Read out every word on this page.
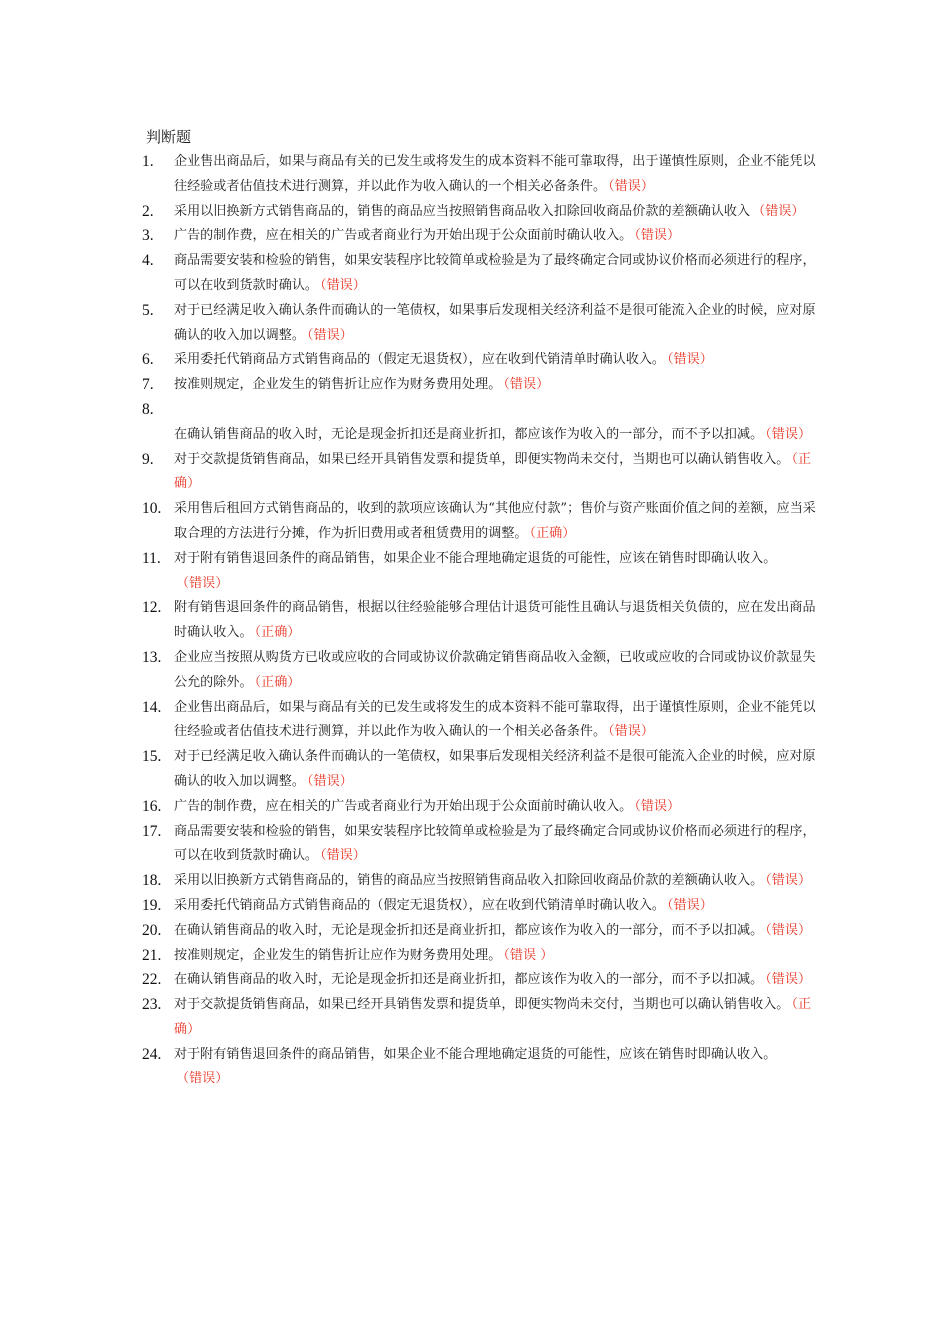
判断题
1.	企业售出商品后，如果与商品有关的已发生或将发生的成本资料不能可靠取得，出于谨慎性原则，企业不能凭以往经验或者估值技术进行测算，并以此作为收入确认的一个相关必备条件。 （错误）
2.	采用以旧换新方式销售商品的，销售的商品应当按照销售商品收入扣除回收商品价款的差额确认收入 （错误）
3.	广告的制作费，应在相关的广告或者商业行为开始出现于公众面前时确认收入。 （错误）
4.	商品需要安装和检验的销售，如果安装程序比较简单或检验是为了最终确定合同或协议价格而必须进行的程序，可以在收到货款时确认。 （错误）
5.	对于已经满足收入确认条件而确认的一笔债权，如果事后发现相关经济利益不是很可能流入企业的时候，应对原确认的收入加以调整。 （错误）
6.	采用委托代销商品方式销售商品的（假定无退货权），应在收到代销清单时确认收入。 （错误）
7.	按准则规定，企业发生的销售折让应作为财务费用处理。 （错误）
8.

在确认销售商品的收入时，无论是现金折扣还是商业折扣，都应该作为收入的一部分，而不予以扣减。 （错误）
9.	对于交款提货销售商品，如果已经开具销售发票和提货单，即便实物尚未交付，当期也可以确认销售收入。 （正确）
10. 采用售后租回方式销售商品的，收到的款项应该确认为“其他应付款”；售价与资产账面价值之间的差额，应当采取合理的方法进行分摊，作为折旧费用或者租赁费用的调整。 （正确）
11.	对于附有销售退回条件的商品销售，如果企业不能合理地确定退货的可能性，应该在销售时即确认收入。（错误）
12. 附有销售退回条件的商品销售，根据以往经验能够合理估计退货可能性且确认与退货相关负债的，应在发出商品时确认收入。 （正确）
13. 企业应当按照从购货方已收或应收的合同或协议价款确定销售商品收入金额，已收或应收的合同或协议价款显失公允的除外。 （正确）
14. 企业售出商品后，如果与商品有关的已发生或将发生的成本资料不能可靠取得，出于谨慎性原则，企业不能凭以往经验或者估值技术进行测算，并以此作为收入确认的一个相关必备条件。 （错误）
15. 对于已经满足收入确认条件而确认的一笔债权，如果事后发现相关经济利益不是很可能流入企业的时候，应对原确认的收入加以调整。 （错误）
16. 广告的制作费，应在相关的广告或者商业行为开始出现于公众面前时确认收入。 （错误）
17. 商品需要安装和检验的销售，如果安装程序比较简单或检验是为了最终确定合同或协议价格而必须进行的程序，可以在收到货款时确认。 （错误）
18. 采用以旧换新方式销售商品的，销售的商品应当按照销售商品收入扣除回收商品价款的差额确认收入。 （错误）
19. 采用委托代销商品方式销售商品的（假定无退货权），应在收到代销清单时确认收入。 （错误）
20. 在确认销售商品的收入时，无论是现金折扣还是商业折扣，都应该作为收入的一部分，而不予以扣减。 （错误）
21. 按准则规定，企业发生的销售折让应作为财务费用处理。 （错误 ）
22. 在确认销售商品的收入时，无论是现金折扣还是商业折扣，都应该作为收入的一部分，而不予以扣减。 （错误）
23. 对于交款提货销售商品，如果已经开具销售发票和提货单，即便实物尚未交付，当期也可以确认销售收入。 （正确）
24. 对于附有销售退回条件的商品销售，如果企业不能合理地确定退货的可能性，应该在销售时即确认收入。（错误）
